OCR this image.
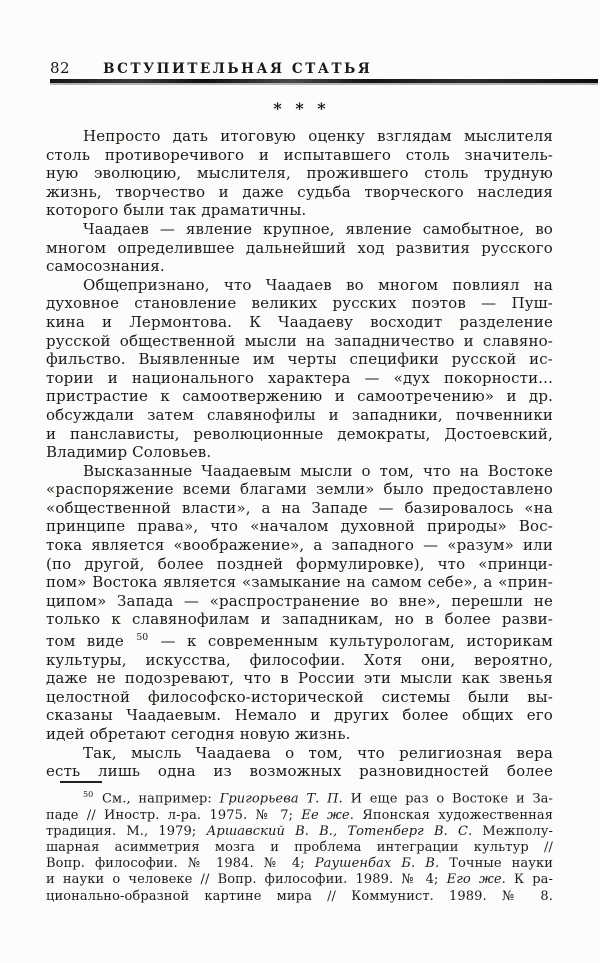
82 ВСТУПИТЕЛЬНАЯ СТАТЬЯ
* * *
Непросто дать итоговую оценку взглядам мыслителя
столь противоречивого и испытавшего столь значитель-
ную эволюцию, мыслителя, прожившего столь трудную
жизнь, творчество и даже судьба творческого наследия
которого были так драматичны.
Чаадаев — явление крупное, явление самобытное, во
многом определившее дальнейший ход развития русского
самосознания.
Общепризнано, что Чаадаев во многом повлиял на
духовное становление великих русских поэтов — Пуш-
кина и Лермонтова. К Чаадаеву восходит разделение
русской общественной мысли на западничество и славяно-
фильство. Выявленные им черты специфики русской ис-
тории и национального характера — «дух покорности...
пристрастие к самоотвержению и самоотречению» и др.
обсуждали затем славянофилы и западники, почвенники
и панслависты, революционные демократы, Достоевский,
Владимир Соловьев.
Высказанные Чаадаевым мысли о том, что на Востоке
«распоряжение всеми благами земли» было предоставлено
«общественной власти», а на Западе — базировалось «на
принципе права», что «началом духовной природы» Вос-
тока является «воображение», а западного — «разум» или
(по другой, более поздней формулировке), что «принци-
пом» Востока является «замыкание на самом себе», а «прин-
ципом» Запада — «распространение во вне», перешли не
только к славянофилам и западникам, но в более разви-
том виде $^{50}$ — к современным культурологам, историкам
культуры, искусства, философии. Хотя они, вероятно,
даже не подозревают, что в России эти мысли как звенья
целостной философско-исторической системы были вы-
сказаны Чаадаевым. Немало и других более общих его
идей обретают сегодня новую жизнь.
Так, мысль Чаадаева о том, что религиозная вера
есть лишь одна из возможных разновидностей более
$^{50}$ См., например: Григорьева Т. П. И еще раз о Востоке и За-
паде // Иностр. л-ра. 1975. № 7; Ее же. Японская художественная
традиция. М., 1979; Аршавский В. В., Тотенберг В. С. Межполу-
шарная асимметрия мозга и проблема интеграции культур //
Вопр. философии. № 1984. № 4; Раушенбах Б. В. Точные науки
и науки о человеке // Вопр. философии. 1989. № 4; Его же. К ра-
ционально-образной картине мира // Коммунист. 1989. № 8.
